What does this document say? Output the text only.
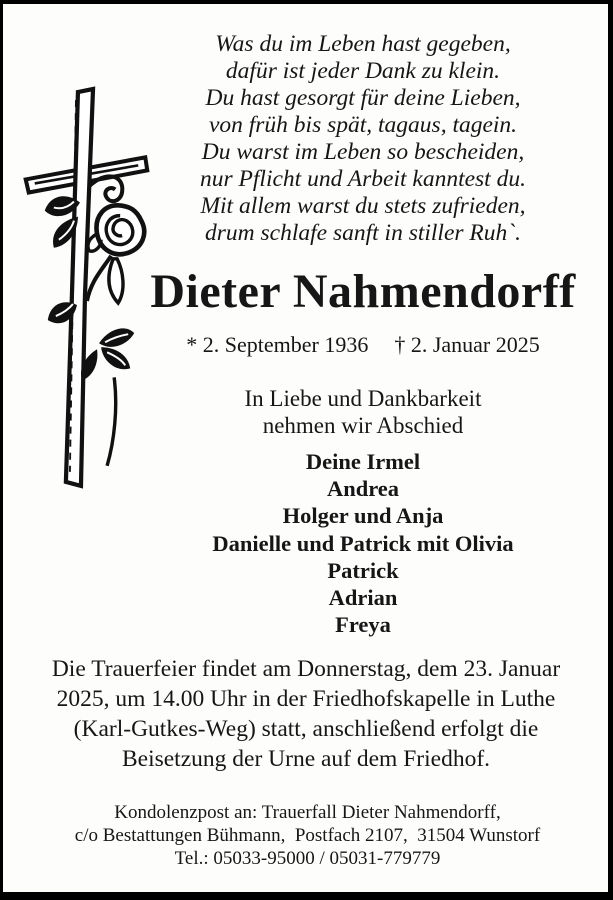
Was du im Leben hast gegeben,
dafür ist jeder Dank zu klein.
Du hast gesorgt für deine Lieben,
von früh bis spät, tagaus, tagein.
Du warst im Leben so bescheiden,
nur Pflicht und Arbeit kanntest du.
Mit allem warst du stets zufrieden,
drum schlafe sanft in stiller Ruh`.
Dieter Nahmendorff
* 2. September 1936 † 2. Januar 2025
In Liebe und Dankbarkeit
nehmen wir Abschied
Deine Irmel
Andrea
Holger und Anja
Danielle und Patrick mit Olivia
Patrick
Adrian
Freya
Die Trauerfeier findet am Donnerstag, dem 23. Januar
2025, um 14.00 Uhr in der Friedhofskapelle in Luthe
(Karl-Gutkes-Weg) statt, anschließend erfolgt die
Beisetzung der Urne auf dem Friedhof.
Kondolenzpost an: Trauerfall Dieter Nahmendorff,
c/o Bestattungen Bühmann,  Postfach 2107,  31504 Wunstorf
Tel.: 05033-95000 / 05031-779779
